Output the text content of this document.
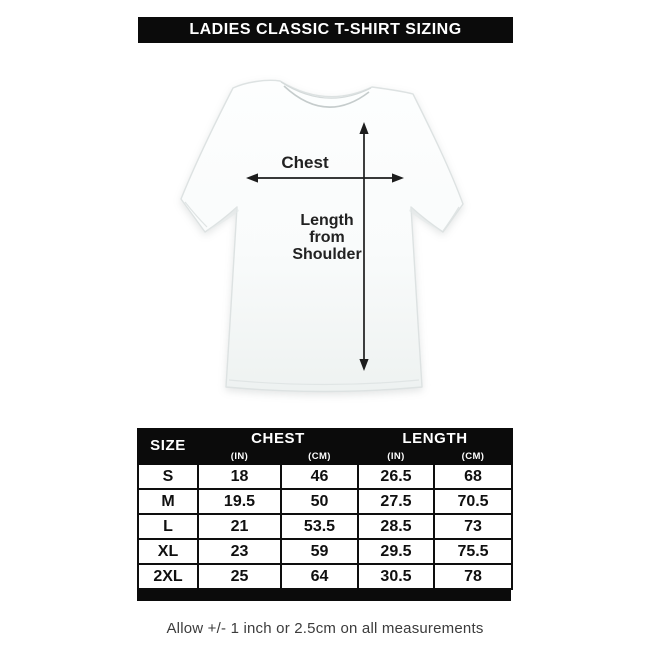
LADIES CLASSIC T-SHIRT SIZING
Chest
Length from Shoulder
SIZE	CHEST		LENGTH	
	(IN)	(CM)	(IN)	(CM)
S	18	46	26.5	68
M	19.5	50	27.5	70.5
L	21	53.5	28.5	73
XL	23	59	29.5	75.5
2XL	25	64	30.5	78
Allow +/- 1 inch or 2.5cm on all measurements
